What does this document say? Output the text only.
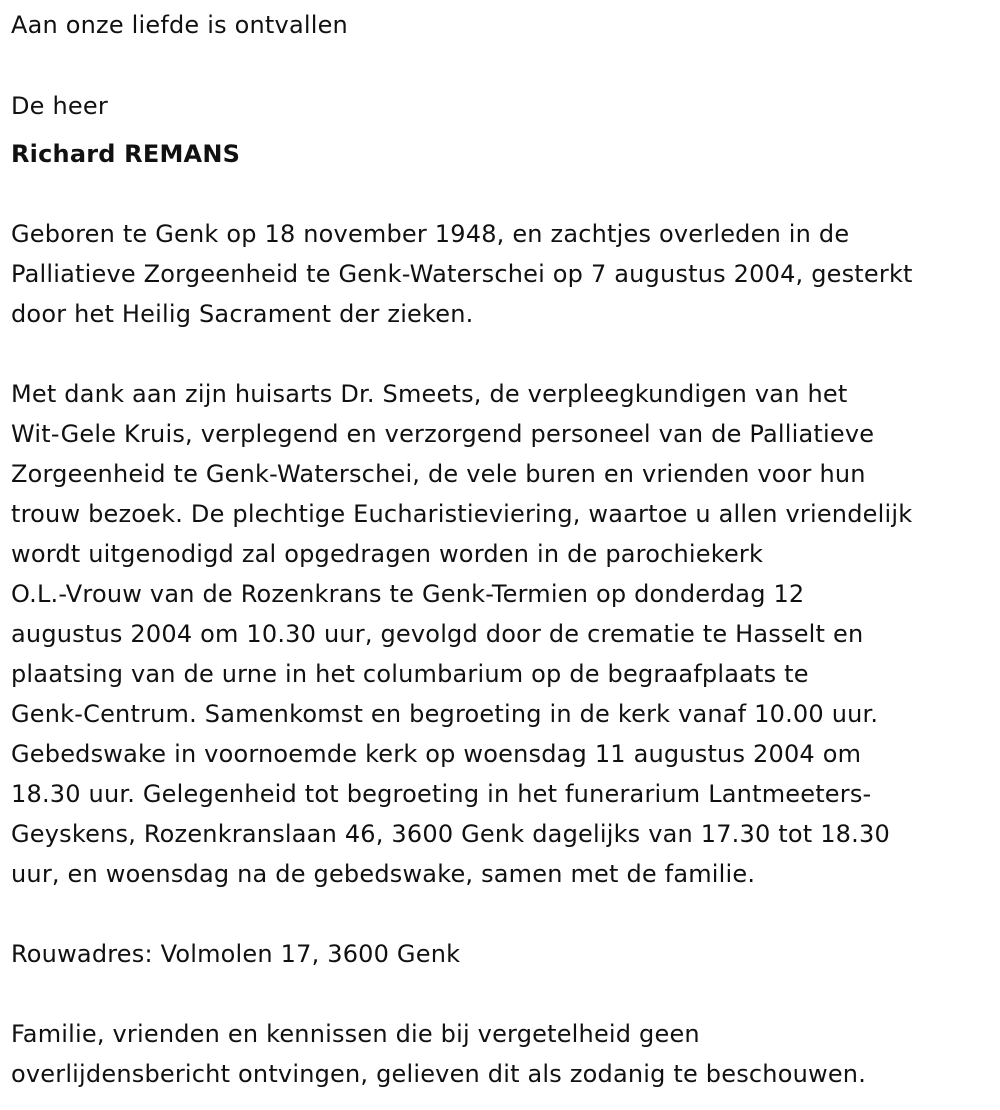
Aan onze liefde is ontvallen
De heer
Richard REMANS
Geboren te Genk op 18 november 1948, en zachtjes overleden in de
Palliatieve Zorgeenheid te Genk-Waterschei op 7 augustus 2004, gesterkt
door het Heilig Sacrament der zieken.
Met dank aan zijn huisarts Dr. Smeets, de verpleegkundigen van het
Wit-Gele Kruis, verplegend en verzorgend personeel van de Palliatieve
Zorgeenheid te Genk-Waterschei, de vele buren en vrienden voor hun
trouw bezoek. De plechtige Eucharistieviering, waartoe u allen vriendelijk
wordt uitgenodigd zal opgedragen worden in de parochiekerk
O.L.-Vrouw van de Rozenkrans te Genk-Termien op donderdag 12
augustus 2004 om 10.30 uur, gevolgd door de crematie te Hasselt en
plaatsing van de urne in het columbarium op de begraafplaats te
Genk-Centrum. Samenkomst en begroeting in de kerk vanaf 10.00 uur.
Gebedswake in voornoemde kerk op woensdag 11 augustus 2004 om
18.30 uur. Gelegenheid tot begroeting in het funerarium Lantmeeters-
Geyskens, Rozenkranslaan 46, 3600 Genk dagelijks van 17.30 tot 18.30
uur, en woensdag na de gebedswake, samen met de familie.
Rouwadres: Volmolen 17, 3600 Genk
Familie, vrienden en kennissen die bij vergetelheid geen
overlijdensbericht ontvingen, gelieven dit als zodanig te beschouwen.
